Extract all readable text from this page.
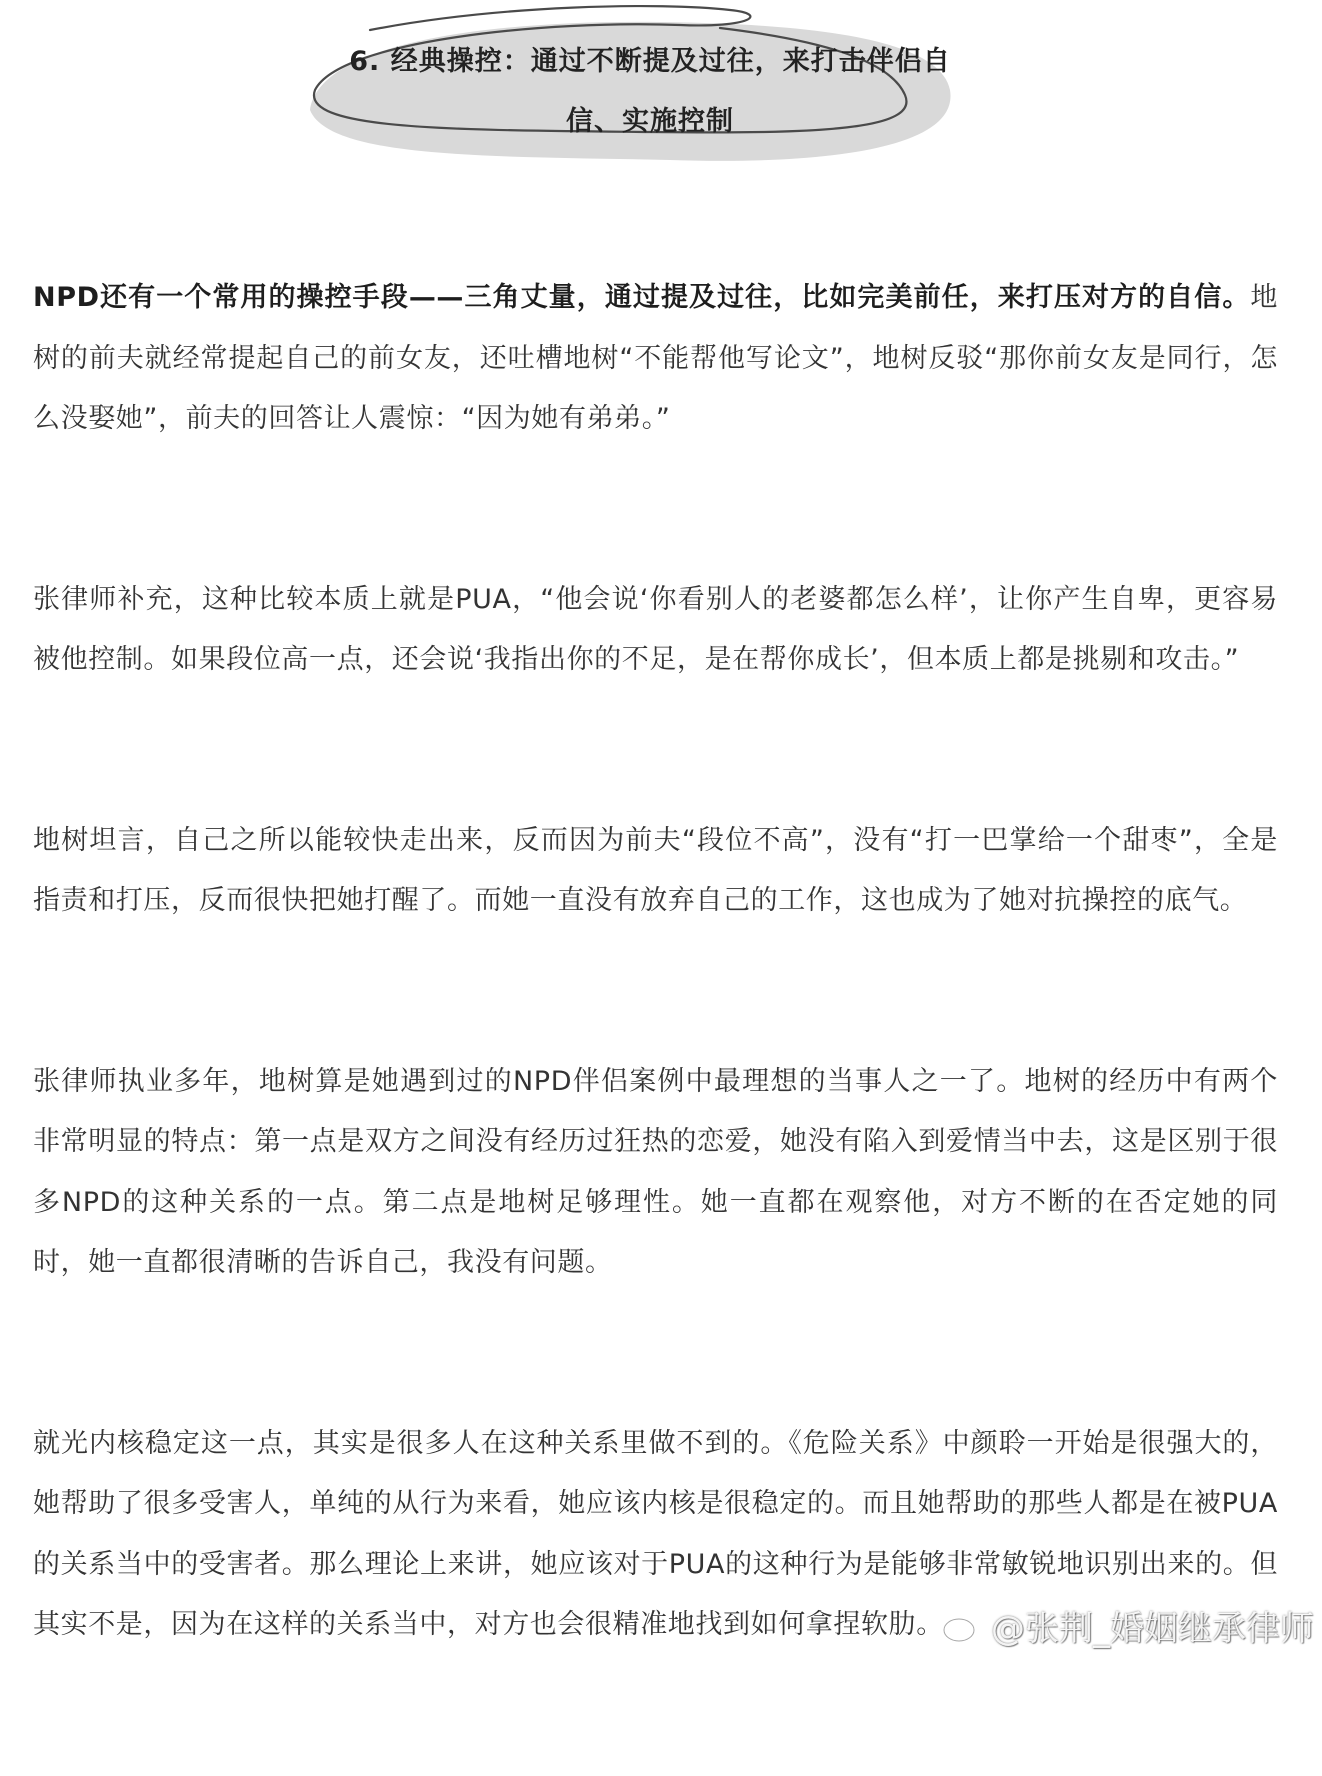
6. 经典操控：通过不断提及过往，来打击伴侣自
信、实施控制

NPD还有一个常用的操控手段——三角丈量，通过提及过往，比如完美前任，来打压对方的自信。地树的前夫就经常提起自己的前女友，还吐槽地树“不能帮他写论文”，地树反驳“那你前女友是同行，怎么没娶她”，前夫的回答让人震惊：“因为她有弟弟。”

张律师补充，这种比较本质上就是PUA，“他会说‘你看别人的老婆都怎么样’，让你产生自卑，更容易被他控制。如果段位高一点，还会说‘我指出你的不足，是在帮你成长’，但本质上都是挑剔和攻击。”

地树坦言，自己之所以能较快走出来，反而因为前夫“段位不高”，没有“打一巴掌给一个甜枣”，全是指责和打压，反而很快把她打醒了。而她一直没有放弃自己的工作，这也成为了她对抗操控的底气。

张律师执业多年，地树算是她遇到过的NPD伴侣案例中最理想的当事人之一了。地树的经历中有两个非常明显的特点：第一点是双方之间没有经历过狂热的恋爱，她没有陷入到爱情当中去，这是区别于很多NPD的这种关系的一点。第二点是地树足够理性。她一直都在观察他，对方不断的在否定她的同时，她一直都很清晰的告诉自己，我没有问题。

就光内核稳定这一点，其实是很多人在这种关系里做不到的。《危险关系》中颜聆一开始是很强大的，她帮助了很多受害人，单纯的从行为来看，她应该内核是很稳定的。而且她帮助的那些人都是在被PUA的关系当中的受害者。那么理论上来讲，她应该对于PUA的这种行为是能够非常敏锐地识别出来的。但其实不是，因为在这样的关系当中，对方也会很精准地找到如何拿捏软肋。	@张荆_婚姻继承律师
